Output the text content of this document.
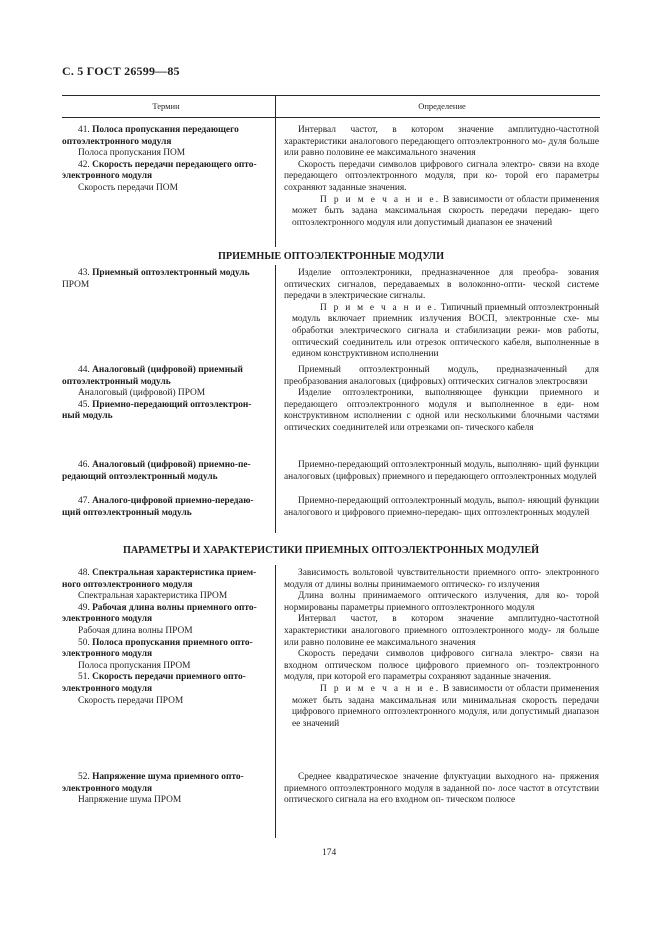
С. 5 ГОСТ 26599—85
Термин	Определение
41. Полоса пропускания передающего
оптоэлектронного модуля
Полоса пропускания ПОМ
42. Скорость передачи передающего опто-
электронного модуля
Скорость передачи ПОМ

Интервал частот, в котором значение амплитудно-частотной характеристики аналогового передающего оптоэлектронного мо- дуля больше или равно половине ее максимального значения

Скорость передачи символов цифрового сигнала электро- связи на входе передающего оптоэлектронного модуля, при ко- торой его параметры сохраняют заданные значения.

П р и м е ч а н и е. В зависимости от области применения может быть задана максимальная скорость передачи передаю- щего оптоэлектронного модуля или допустимый диапазон ее значений

ПРИЕМНЫЕ ОПТОЭЛЕКТРОННЫЕ МОДУЛИ
43. Приемный оптоэлектронный модуль
ПРОМ

Изделие оптоэлектроники, предназначенное для преобра- зования оптических сигналов, передаваемых в волоконно-опти- ческой системе передачи в электрические сигналы.

П р и м е ч а н и е. Типичный приемный оптоэлектронный модуль включает приемник излучения ВОСП, электронные схе- мы обработки электрического сигнала и стабилизации режи- мов работы, оптический соединитель или отрезок оптического кабеля, выполненные в едином конструктивном исполнении

44. Аналоговый (цифровой) приемный
оптоэлектронный модуль
Аналоговый (цифровой) ПРОМ
45. Приемно-передающий оптоэлектрон-
ный модуль

Приемный оптоэлектронный модуль, предназначенный для преобразования аналоговых (цифровых) оптических сигналов электросвязи

Изделие оптоэлектроники, выполняющее функции приемного и передающего оптоэлектронного модуля и выполненное в еди- ном конструктивном исполнении с одной или несколькими блочными частями оптических соединителей или отрезками оп- тического кабеля

46. Аналоговый (цифровой) приемно-пе-
редающий оптоэлектронный модуль

Приемно-передающий оптоэлектронный модуль, выполняю- щий функции аналоговых (цифровых) приемного и передающего оптоэлектронных модулей

47. Аналого-цифровой приемно-передаю-
щий оптоэлектронный модуль

Приемно-передающий оптоэлектронный модуль, выпол- няющий функции аналогового и цифрового приемно-передаю- щих оптоэлектронных модулей

ПАРАМЕТРЫ И ХАРАКТЕРИСТИКИ ПРИЕМНЫХ ОПТОЭЛЕКТРОННЫХ МОДУЛЕЙ
48. Спектральная характеристика прием-
ного оптоэлектронного модуля
Спектральная характеристика ПРОМ
49. Рабочая длина волны приемного опто-
электронного модуля
Рабочая длина волны ПРОМ
50. Полоса пропускания приемного опто-
электронного модуля
Полоса пропускания ПРОМ
51. Скорость передачи приемного опто-
электронного модуля
Скорость передачи ПРОМ

Зависимость вольтовой чувствительности приемного опто- электронного модуля от длины волны принимаемого оптическо- го излучения

Длина волны принимаемого оптического излучения, для ко- торой нормированы параметры приемного оптоэлектронного модуля

Интервал частот, в котором значение амплитудно-частотной характеристики аналогового приемного оптоэлектронного моду- ля больше или равно половине ее максимального значения

Скорость передачи символов цифрового сигнала электро- связи на входном оптическом полюсе цифрового приемного оп- тоэлектронного модуля, при которой его параметры сохраняют заданные значения.

П р и м е ч а н и е. В зависимости от области применения может быть задана максимальная или минимальная скорость передачи цифрового приемного оптоэлектронного модуля, или допустимый диапазон ее значений

52. Напряжение шума приемного опто-
электронного модуля
Напряжение шума ПРОМ

Среднее квадратическое значение флуктуации выходного на- пряжения приемного оптоэлектронного модуля в заданной по- лосе частот в отсутствии оптического сигнала на его входном оп- тическом полюсе

174
